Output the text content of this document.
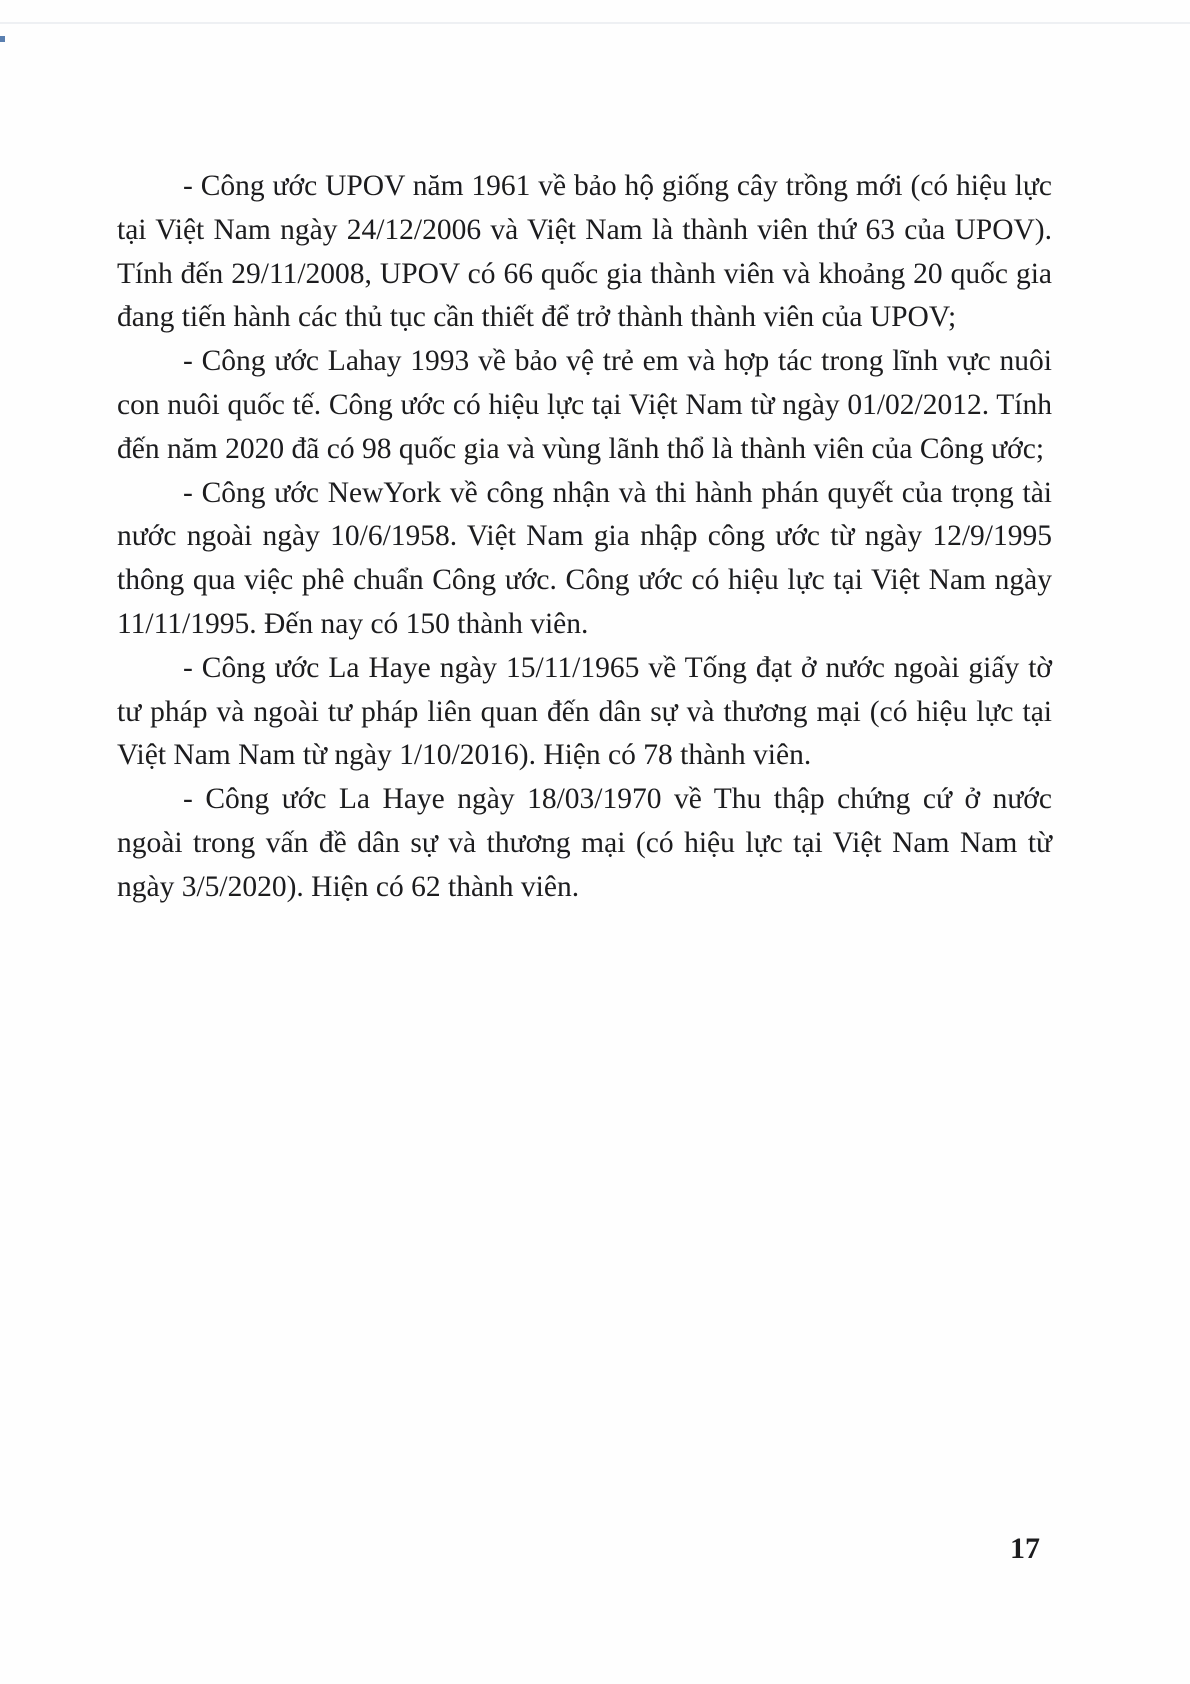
- Công ước UPOV năm 1961 về bảo hộ giống cây trồng mới (có hiệu lực tại Việt Nam ngày 24/12/2006 và Việt Nam là thành viên thứ 63 của UPOV). Tính đến 29/11/2008, UPOV có 66 quốc gia thành viên và khoảng 20 quốc gia đang tiến hành các thủ tục cần thiết để trở thành thành viên của UPOV;

- Công ước Lahay 1993 về bảo vệ trẻ em và hợp tác trong lĩnh vực nuôi con nuôi quốc tế. Công ước có hiệu lực tại Việt Nam từ ngày 01/02/2012. Tính đến năm 2020 đã có 98 quốc gia và vùng lãnh thổ là thành viên của Công ước;

- Công ước NewYork về công nhận và thi hành phán quyết của trọng tài nước ngoài ngày 10/6/1958. Việt Nam gia nhập công ước từ ngày 12/9/1995 thông qua việc phê chuẩn Công ước. Công ước có hiệu lực tại Việt Nam ngày 11/11/1995. Đến nay có 150 thành viên.

- Công ước La Haye ngày 15/11/1965 về Tống đạt ở nước ngoài giấy tờ tư pháp và ngoài tư pháp liên quan đến dân sự và thương mại (có hiệu lực tại Việt Nam Nam từ ngày 1/10/2016). Hiện có 78 thành viên.

- Công ước La Haye ngày 18/03/1970 về Thu thập chứng cứ ở nước ngoài trong vấn đề dân sự và thương mại (có hiệu lực tại Việt Nam Nam từ ngày 3/5/2020). Hiện có 62 thành viên.

17
